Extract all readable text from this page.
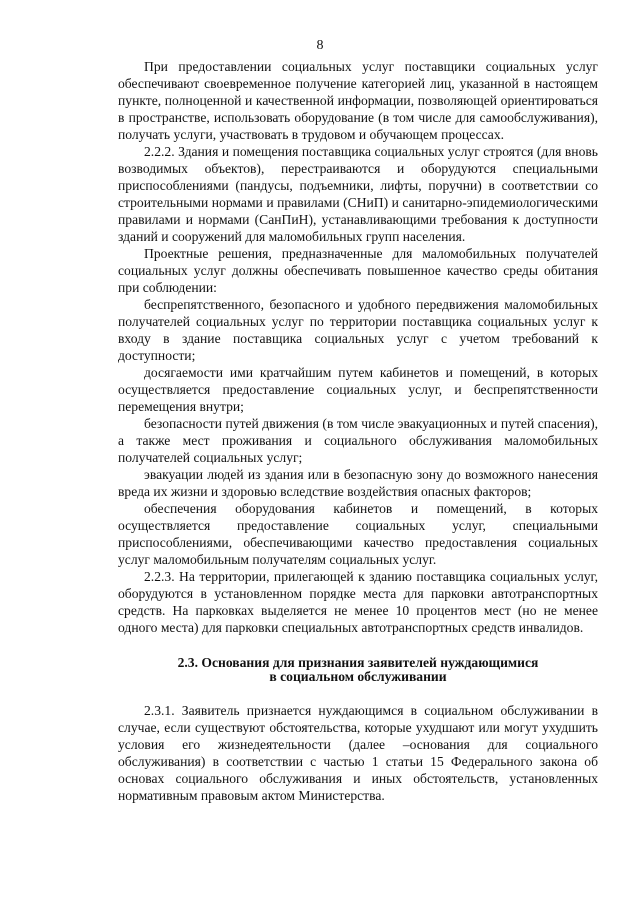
8

При предоставлении социальных услуг поставщики социальных услуг обеспечивают своевременное получение категорией лиц, указанной в настоящем пункте, полноценной и качественной информации, позволяющей ориентироваться в пространстве, использовать оборудование (в том числе для самообслуживания), получать услуги, участвовать в трудовом и обучающем процессах.

2.2.2. Здания и помещения поставщика социальных услуг строятся (для вновь возводимых объектов), перестраиваются и оборудуются специальными приспособлениями (пандусы, подъемники, лифты, поручни) в соответствии со строительными нормами и правилами (СНиП) и санитарно-эпидемиологическими правилами и нормами (СанПиН), устанавливающими требования к доступности зданий и сооружений для маломобильных групп населения.

Проектные решения, предназначенные для маломобильных получателей социальных услуг должны обеспечивать повышенное качество среды обитания при соблюдении:

беспрепятственного, безопасного и удобного передвижения маломобильных получателей социальных услуг по территории поставщика социальных услуг к входу в здание поставщика социальных услуг с учетом требований к доступности;

досягаемости ими кратчайшим путем кабинетов и помещений, в которых осуществляется предоставление социальных услуг, и беспрепятственности перемещения внутри;

безопасности путей движения (в том числе эвакуационных и путей спасения), а также мест проживания и социального обслуживания маломобильных получателей социальных услуг;

эвакуации людей из здания или в безопасную зону до возможного нанесения вреда их жизни и здоровью вследствие воздействия опасных факторов;

обеспечения оборудования кабинетов и помещений, в которых осуществляется предоставление социальных услуг, специальными приспособлениями, обеспечивающими качество предоставления социальных услуг маломобильным получателям социальных услуг.

2.2.3. На территории, прилегающей к зданию поставщика социальных услуг, оборудуются в установленном порядке места для парковки автотранспортных средств. На парковках выделяется не менее 10 процентов мест (но не менее одного места) для парковки специальных автотранспортных средств инвалидов.

2.3. Основания для признания заявителей нуждающимися
в социальном обслуживании

2.3.1. Заявитель признается нуждающимся в социальном обслуживании в случае, если существуют обстоятельства, которые ухудшают или могут ухудшить условия его жизнедеятельности (далее –основания для социального обслуживания) в соответствии с частью 1 статьи 15 Федерального закона об основах социального обслуживания и иных обстоятельств, установленных нормативным правовым актом Министерства.
